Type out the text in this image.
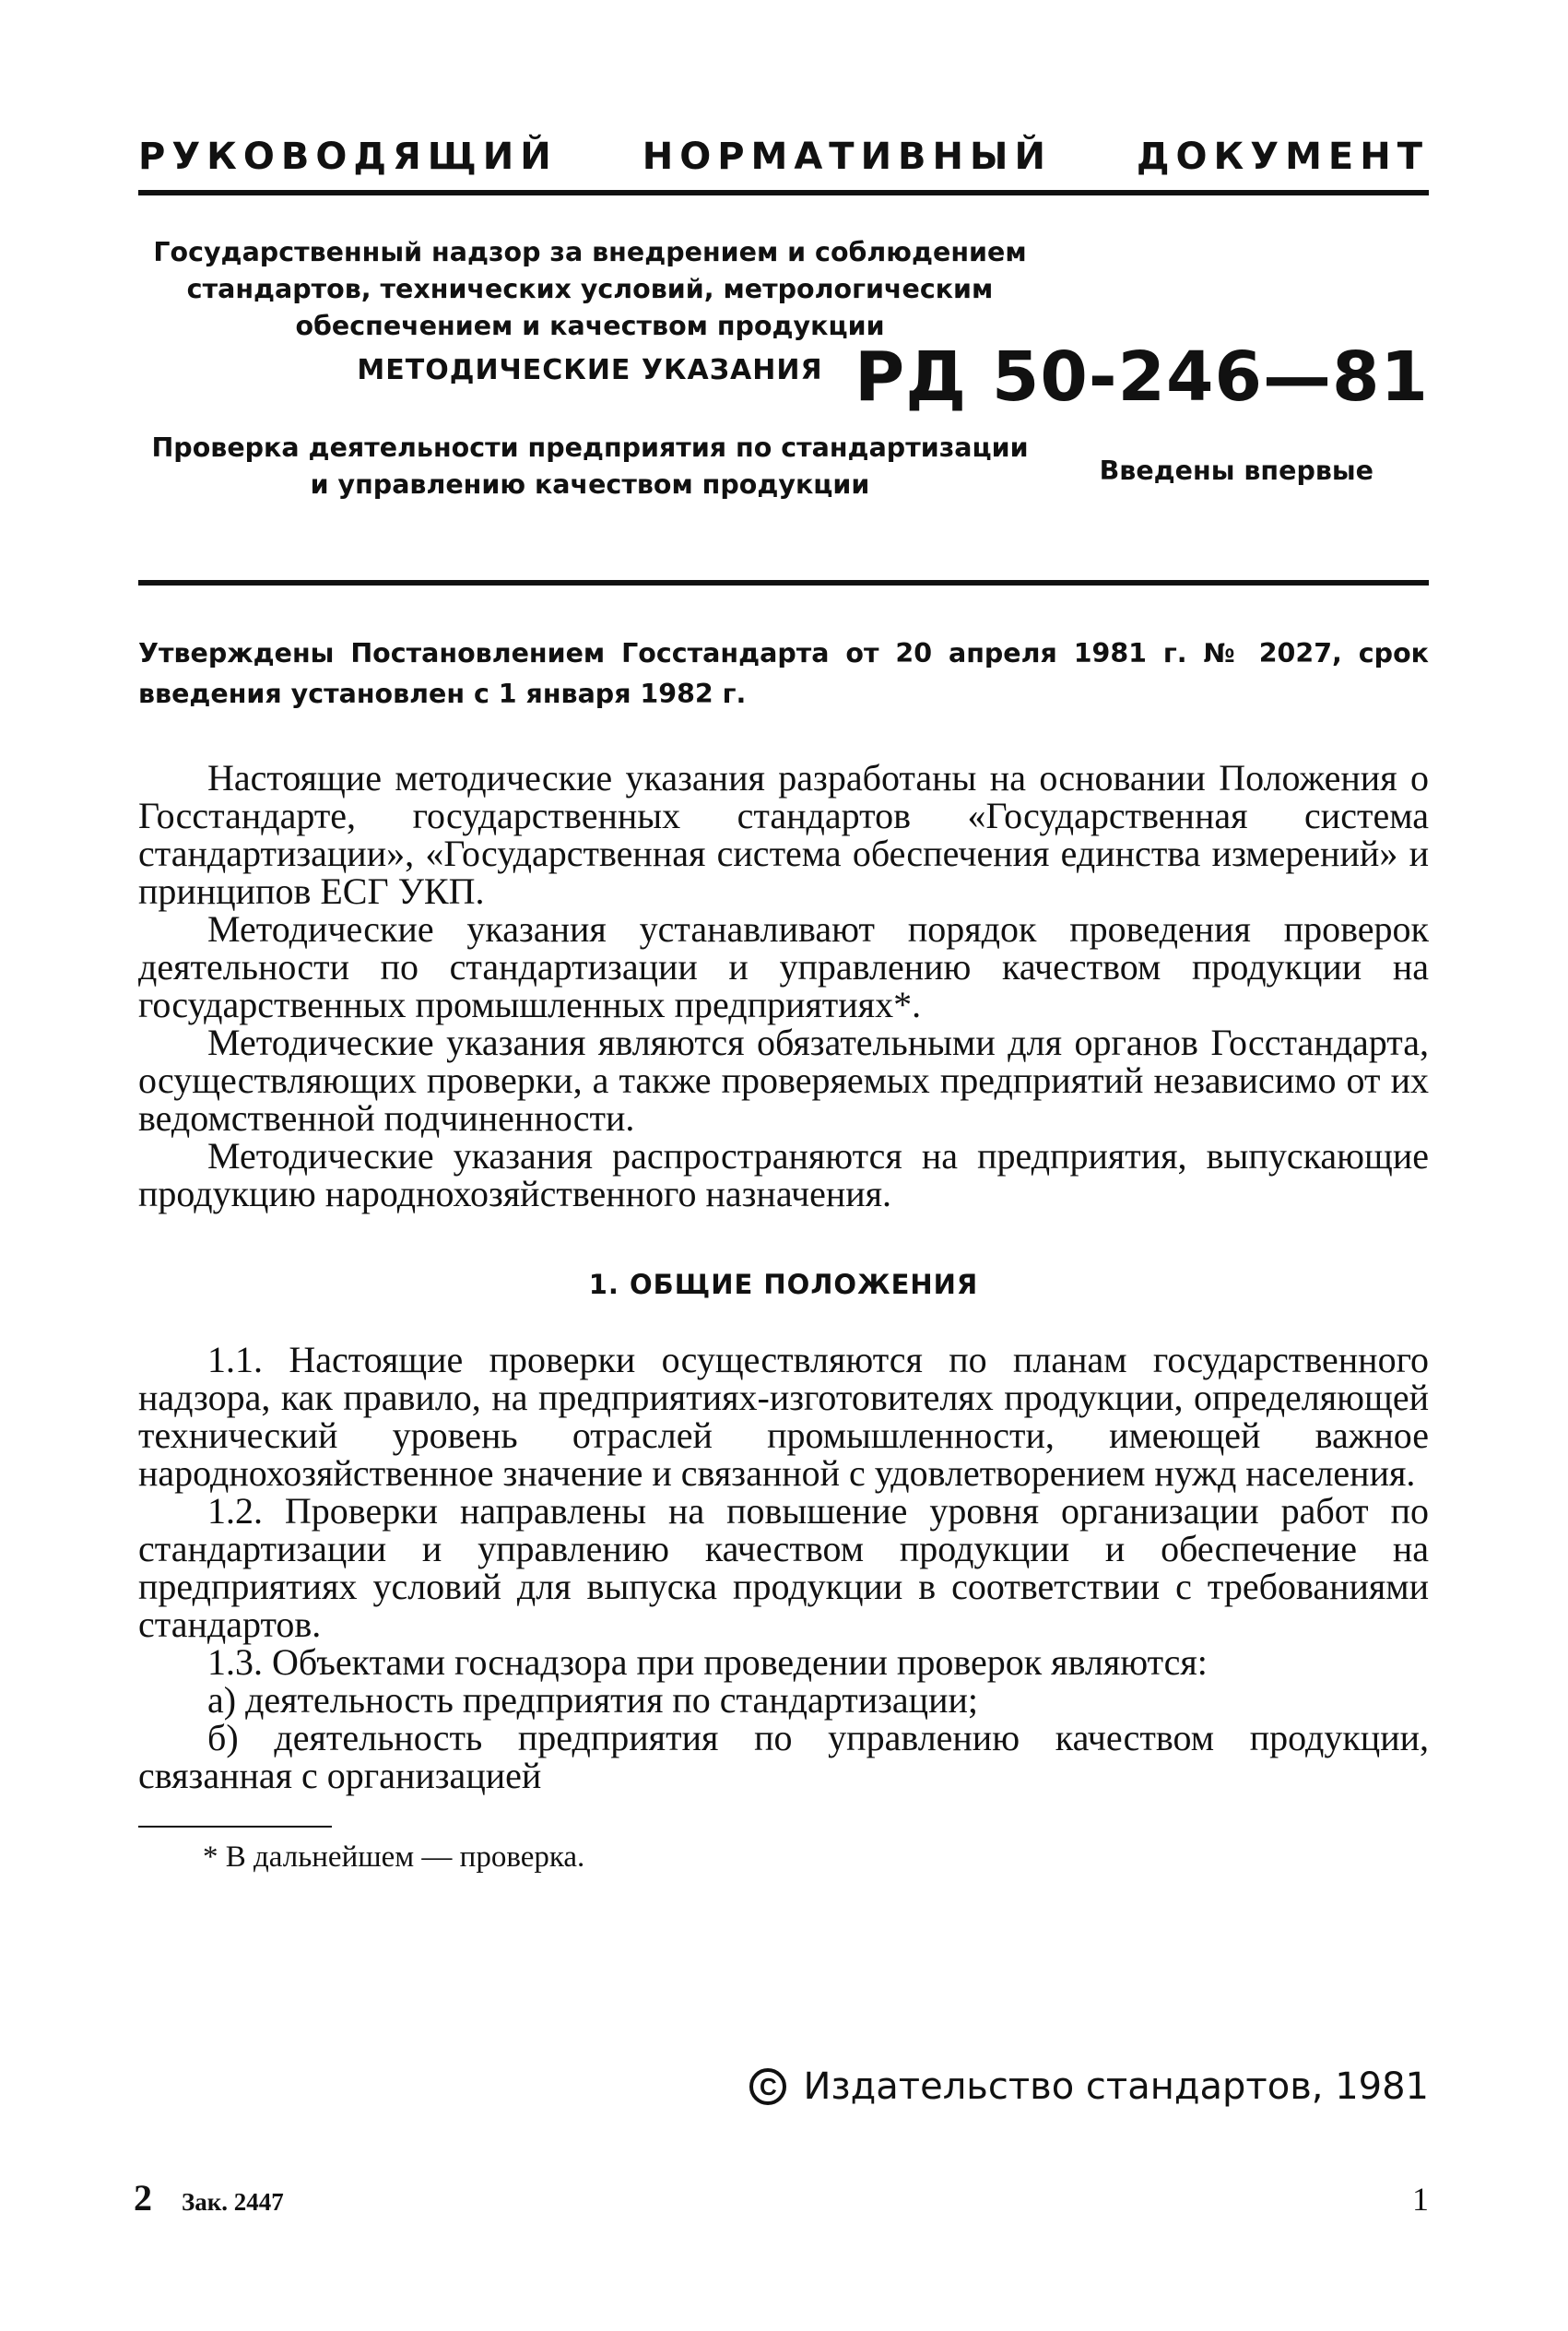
РУКОВОДЯЩИЙ НОРМАТИВНЫЙ ДОКУМЕНТ
Государственный надзор за внедрением и соблюдением
стандартов, технических условий, метрологическим
обеспечением и качеством продукции
МЕТОДИЧЕСКИЕ УКАЗАНИЯ
Проверка деятельности предприятия по стандартизации
и управлению качеством продукции
РД 50-246—81
Введены впервые
Утверждены Постановлением Госстандарта от 20 апреля 1981 г. № 2027, срок введения установлен с 1 января 1982 г.

Настоящие методические указания разработаны на основании Положения о Госстандарте, государственных стандартов «Государственная система стандартизации», «Государственная система обеспечения единства измерений» и принципов ЕСГ УКП.

Методические указания устанавливают порядок проведения проверок деятельности по стандартизации и управлению качеством продукции на государственных промышленных предприятиях*.

Методические указания являются обязательными для органов Госстандарта, осуществляющих проверки, а также проверяемых предприятий независимо от их ведомственной подчиненности.

Методические указания распространяются на предприятия, выпускающие продукцию народнохозяйственного назначения.

1. ОБЩИЕ ПОЛОЖЕНИЯ

1.1. Настоящие проверки осуществляются по планам государственного надзора, как правило, на предприятиях-изготовителях продукции, определяющей технический уровень отраслей промышленности, имеющей важное народнохозяйственное значение и связанной с удовлетворением нужд населения.

1.2. Проверки направлены на повышение уровня организации работ по стандартизации и управлению качеством продукции и обеспечение на предприятиях условий для выпуска продукции в соответствии с требованиями стандартов.

1.3. Объектами госнадзора при проведении проверок являются:

а) деятельность предприятия по стандартизации;

б) деятельность предприятия по управлению качеством продукции, связанная с организацией

* В дальнейшем — проверка.
C Издательство стандартов, 1981
2 Зак. 2447	1
